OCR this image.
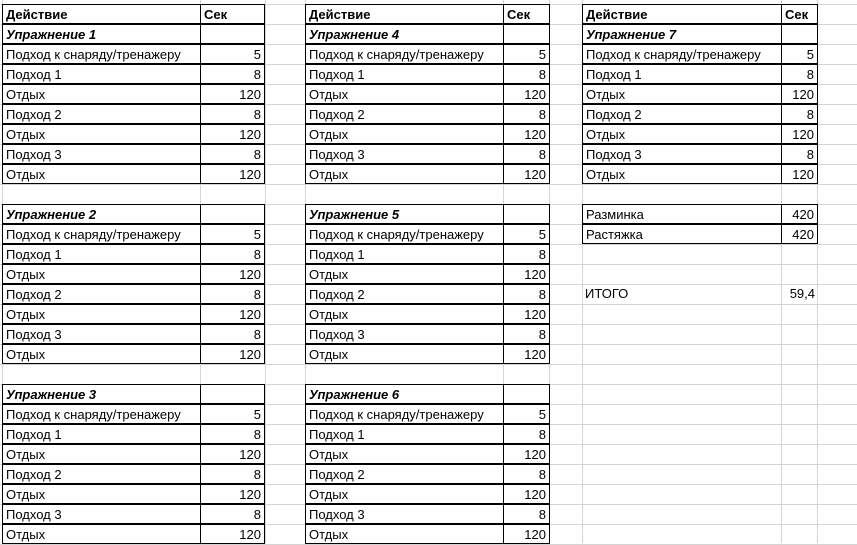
Действие	Сек	Действие	Сек	Действие	Сек
Упражнение 1
Подход к снаряду/тренажеру	5
Подход 1	8
Отдых	120
Подход 2	8
Отдых	120
Подход 3	8
Отдых	120
Упражнение 2
Подход к снаряду/тренажеру	5
Подход 1	8
Отдых	120
Подход 2	8
Отдых	120
Подход 3	8
Отдых	120
Упражнение 3
Подход к снаряду/тренажеру	5
Подход 1	8
Отдых	120
Подход 2	8
Отдых	120
Подход 3	8
Отдых	120
Упражнение 4
Подход к снаряду/тренажеру	5
Подход 1	8
Отдых	120
Подход 2	8
Отдых	120
Подход 3	8
Отдых	120
Упражнение 5
Подход к снаряду/тренажеру	5
Подход 1	8
Отдых	120
Подход 2	8
Отдых	120
Подход 3	8
Отдых	120
Упражнение 6
Подход к снаряду/тренажеру	5
Подход 1	8
Отдых	120
Подход 2	8
Отдых	120
Подход 3	8
Отдых	120
Упражнение 7
Подход к снаряду/тренажеру	5
Подход 1	8
Отдых	120
Подход 2	8
Отдых	120
Подход 3	8
Отдых	120
Разминка	420
Растяжка	420
ИТОГО	59,4
